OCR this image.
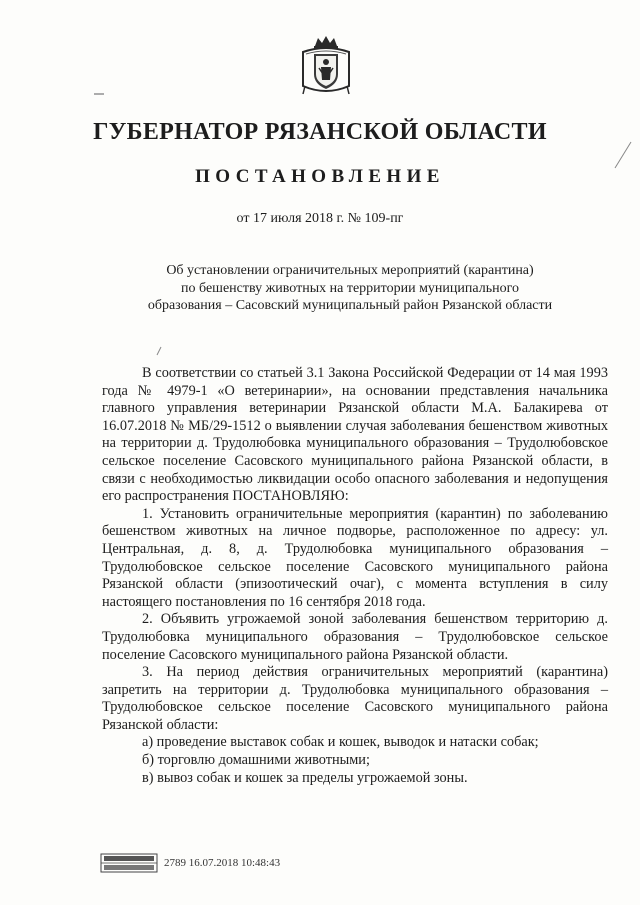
ГУБЕРНАТОР РЯЗАНСКОЙ ОБЛАСТИ
ПОСТАНОВЛЕНИЕ
от 17 июля 2018 г. № 109-пг
Об установлении ограничительных мероприятий (карантина)
по бешенству животных на территории муниципального
образования – Сасовский муниципальный район Рязанской области

В соответствии со статьей 3.1 Закона Российской Федерации от 14 мая 1993 года № 4979-1 «О ветеринарии», на основании представления начальника главного управления ветеринарии Рязанской области М.А. Балакирева от 16.07.2018 № МБ/29-1512 о выявлении случая заболевания бешенством животных на территории д. Трудолюбовка муниципального образования – Трудолюбовское сельское поселение Сасовского муниципального района Рязанской области, в связи с необходимостью ликвидации особо опасного заболевания и недопущения его распространения ПОСТАНОВЛЯЮ:

1. Установить ограничительные мероприятия (карантин) по заболеванию бешенством животных на личное подворье, расположенное по адресу: ул. Центральная, д. 8, д. Трудолюбовка муниципального образования – Трудолюбовское сельское поселение Сасовского муниципального района Рязанской области (эпизоотический очаг), с момента вступления в силу настоящего постановления по 16 сентября 2018 года.

2. Объявить угрожаемой зоной заболевания бешенством территорию д. Трудолюбовка муниципального образования – Трудолюбовское сельское поселение Сасовского муниципального района Рязанской области.

3. На период действия ограничительных мероприятий (карантина) запретить на территории д. Трудолюбовка муниципального образования – Трудолюбовское сельское поселение Сасовского муниципального района Рязанской области:

а) проведение выставок собак и кошек, выводок и натаски собак;

б) торговлю домашними животными;

в) вывоз собак и кошек за пределы угрожаемой зоны.

2789 16.07.2018 10:48:43
